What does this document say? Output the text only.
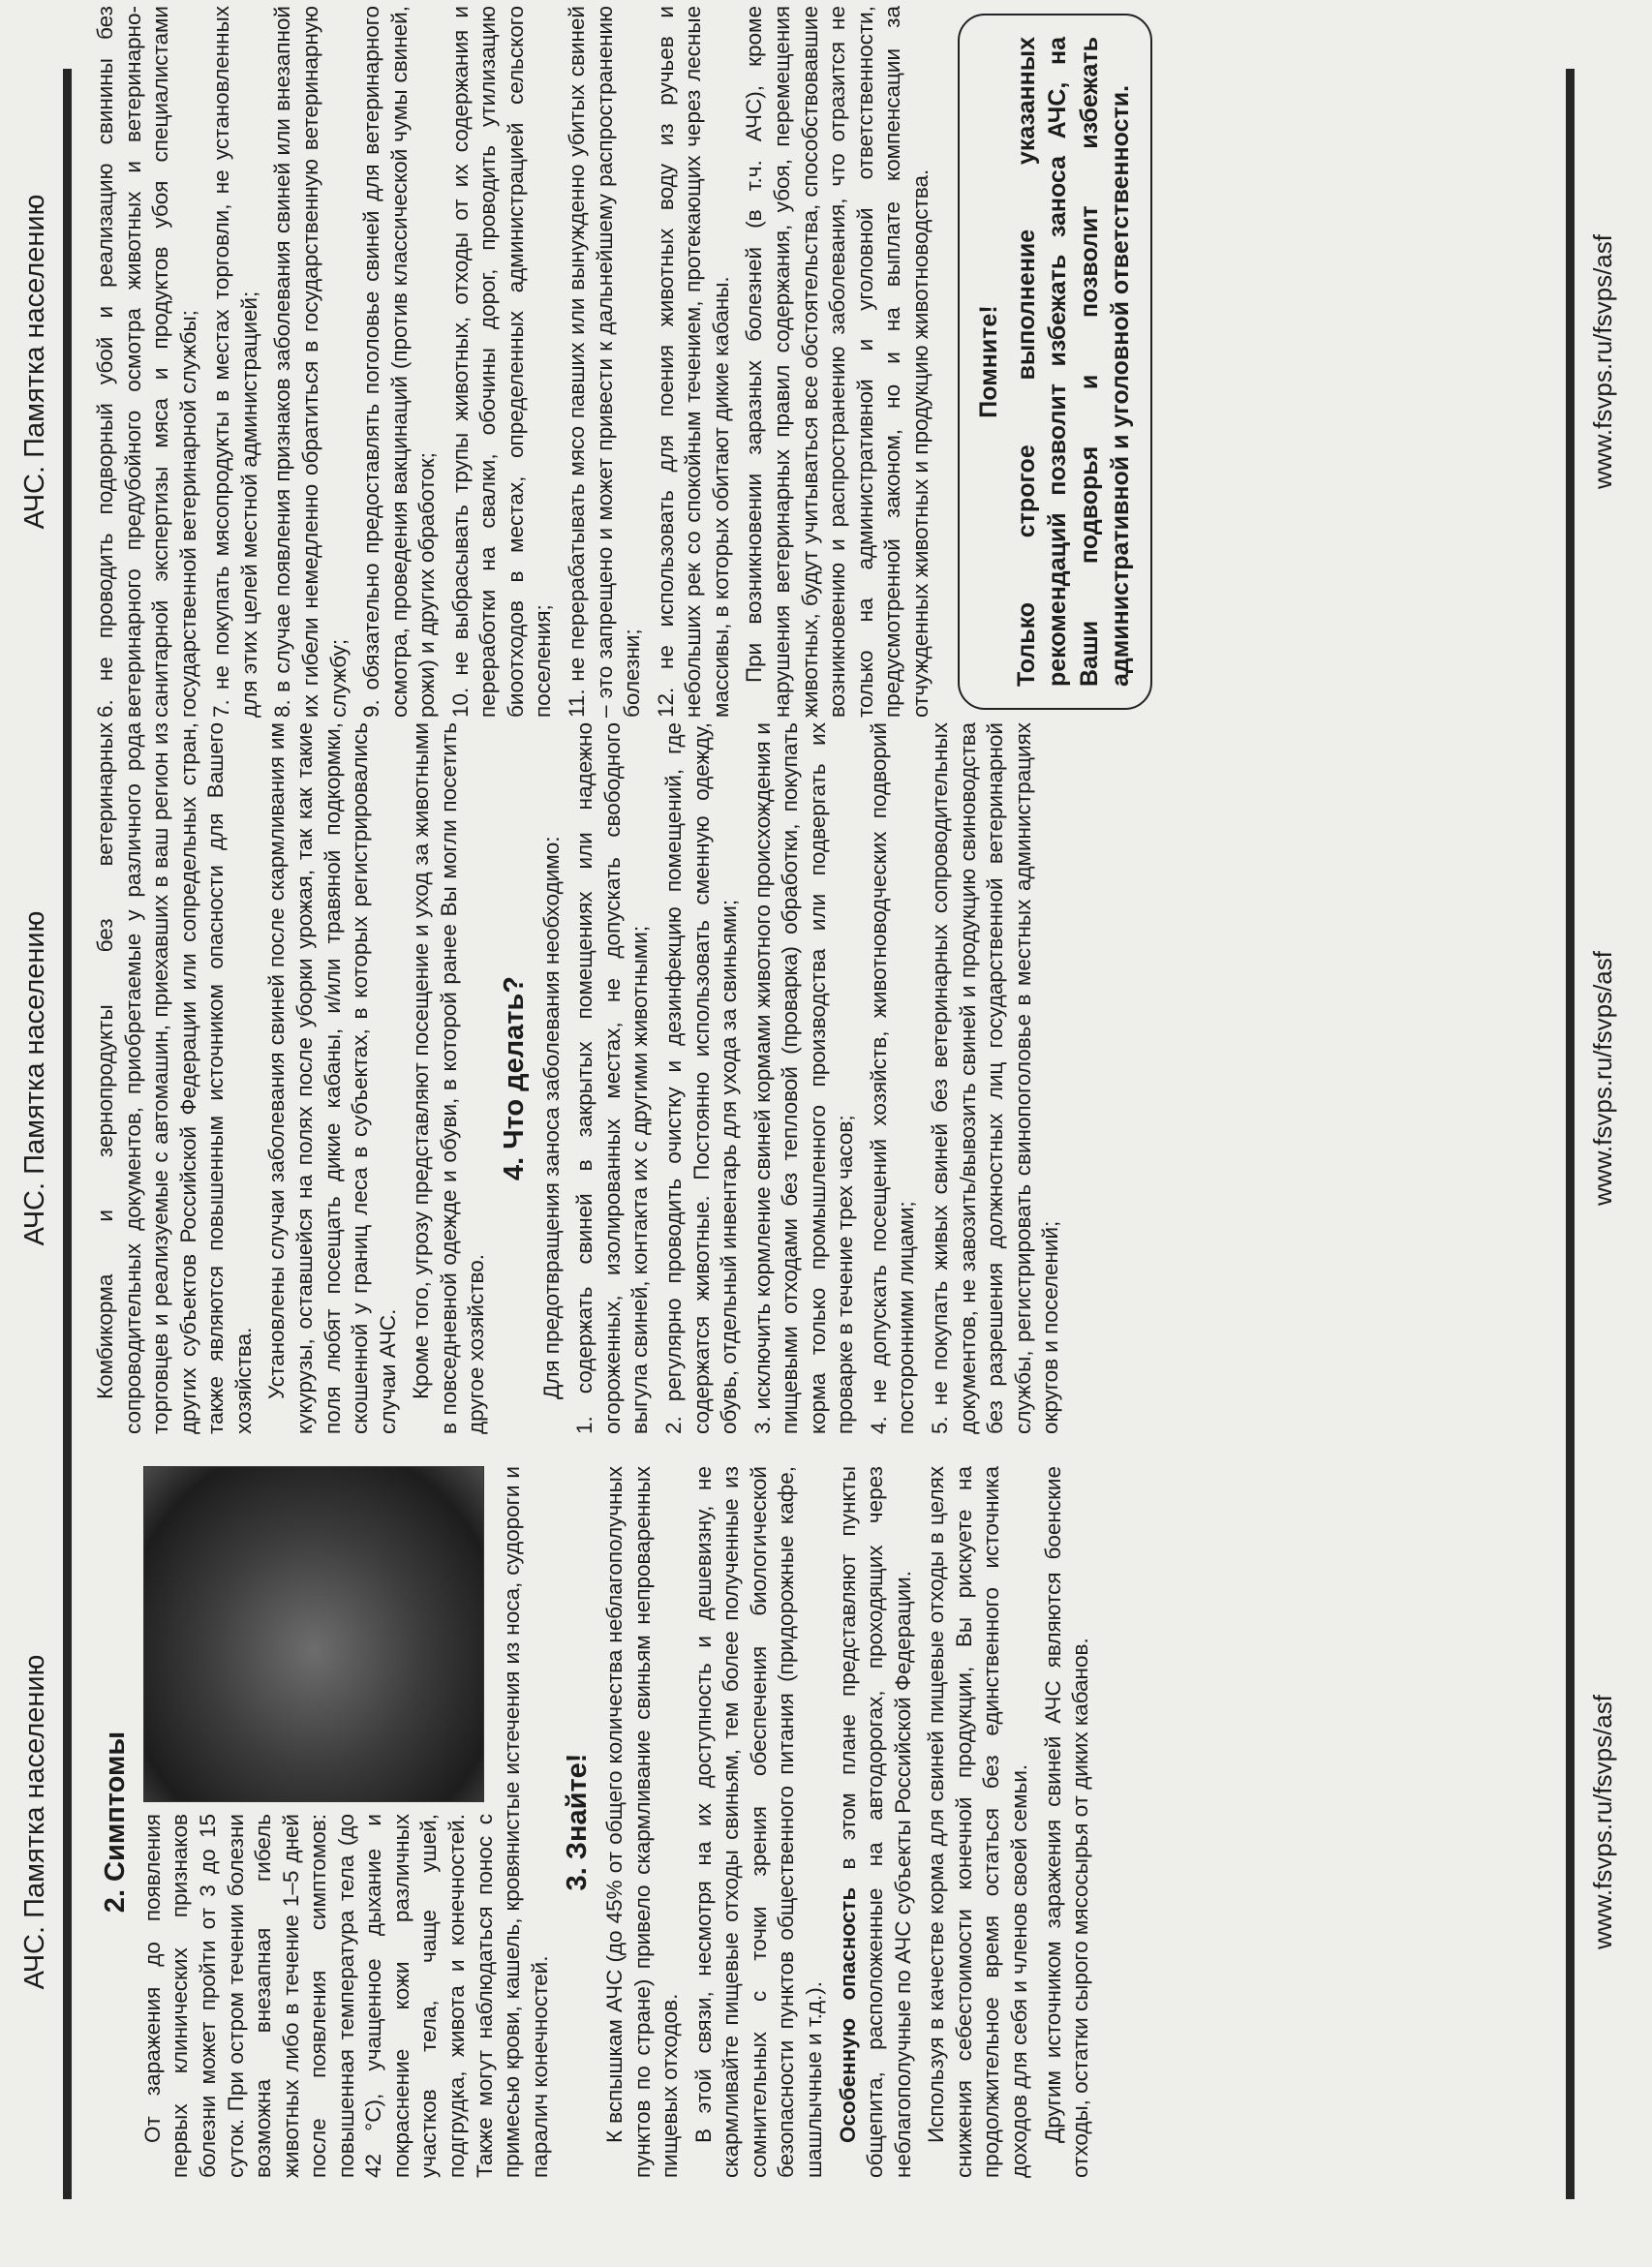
АЧС. Памятка населению 2. Симптомы От заражения до появления первых клинических признаков болезни может пройти от 3 до 15 суток. При остром течении болезни возможна внезапная гибель животных либо в течение 1–5 дней после появления симптомов: повышенная температура тела (до 42 °С), учащенное дыхание и покраснение кожи различных участков тела, чаще ушей, подгрудка, живота и конечностей. Также могут наблюдаться понос с примесью крови, кашель, кровянистые истечения из носа, судороги и паралич конечностей.

3. Знайте! К вспышкам АЧС (до 45% от общего количества неблагополучных пунктов по стране) привело скармливание свиньям непроваренных пищевых отходов. В этой связи, несмотря на их доступность и дешевизну, не скармливайте пищевые отходы свиньям, тем более полученные из сомнительных с точки зрения обеспечения биологической безопасности пунктов общественного питания (придорожные кафе, шашлычные и т.д.). Особенную опасность в этом плане представляют пункты общепита, расположенные на автодорогах, проходящих через неблагополучные по АЧС субъекты Российской Федерации. Используя в качестве корма для свиней пищевые отходы в целях снижения себестоимости конечной продукции, Вы рискуете на продолжительное время остаться без единственного источника доходов для себя и членов своей семьи. Другим источником заражения свиней АЧС являются боенские отходы, остатки сырого мясосырья от диких кабанов.	www.fsvps.ru/fsvps/asf
АЧС. Памятка населению Комбикорма и зернопродукты без ветеринарных сопроводительных документов, приобретаемые у различного рода торговцев и реализуемые с автомашин, приехавших в ваш регион из других субъектов Российской Федерации или сопредельных стран, также являются повышенным источником опасности для Вашего хозяйства. Установлены случаи заболевания свиней после скармливания им кукурузы, оставшейся на полях после уборки урожая, так как такие поля любят посещать дикие кабаны, и/или травяной подкормки, скошенной у границ леса в субъектах, в которых регистрировались случаи АЧС. Кроме того, угрозу представляют посещение и уход за животными в повседневной одежде и обуви, в которой ранее Вы могли посетить другое хозяйство.

4. Что делать? Для предотвращения заноса заболевания необходимо: 1. содержать свиней в закрытых помещениях или надежно огороженных, изолированных местах, не допускать свободного выгула свиней, контакта их с другими животными; 2. регулярно проводить очистку и дезинфекцию помещений, где содержатся животные. Постоянно использовать сменную одежду, обувь, отдельный инвентарь для ухода за свиньями; 3. исключить кормление свиней кормами животного происхождения и пищевыми отходами без тепловой (проварка) обработки, покупать корма только промышленного производства или подвергать их проварке в течение трех часов; 4. не допускать посещений хозяйств, животноводческих подворий посторонними лицами; 5. не покупать живых свиней без ветеринарных сопроводительных документов, не завозить/вывозить свиней и продукцию свиноводства без разрешения должностных лиц государственной ветеринарной службы, регистрировать свинопоголовье в местных администрациях округов и поселений;

www.fsvps.ru/fsvps/asf
АЧС. Памятка населению 6. не проводить подворный убой и реализацию свинины без ветеринарного предубойного осмотра животных и ветеринарно-санитарной экспертизы мяса и продуктов убоя специалистами государственной ветеринарной службы; 7. не покупать мясопродукты в местах торговли, не установленных для этих целей местной администрацией; 8. в случае появления признаков заболевания свиней или внезапной их гибели немедленно обратиться в государственную ветеринарную службу; 9. обязательно предоставлять поголовье свиней для ветеринарного осмотра, проведения вакцинаций (против классической чумы свиней, рожи) и других обработок; 10. не выбрасывать трупы животных, отходы от их содержания и переработки на свалки, обочины дорог, проводить утилизацию биоотходов в местах, определенных администрацией сельского поселения; 11. не перерабатывать мясо павших или вынужденно убитых свиней – это запрещено и может привести к дальнейшему распространению болезни; 12. не использовать для поения животных воду из ручьев и небольших рек со спокойным течением, протекающих через лесные массивы, в которых обитают дикие кабаны. При возникновении заразных болезней (в т.ч. АЧС), кроме нарушения ветеринарных правил содержания, убоя, перемещения животных, будут учитываться все обстоятельства, способствовавшие возникновению и распространению заболевания, что отразится не только на административной и уголовной ответственности, предусмотренной законом, но и на выплате компенсации за отчужденных животных и продукцию животноводства. Помните! Только строгое выполнение указанных рекомендаций позволит избежать заноса АЧС, на Ваши подворья и позволит избежать административной и уголовной ответственности.	www.fsvps.ru/fsvps/asf
